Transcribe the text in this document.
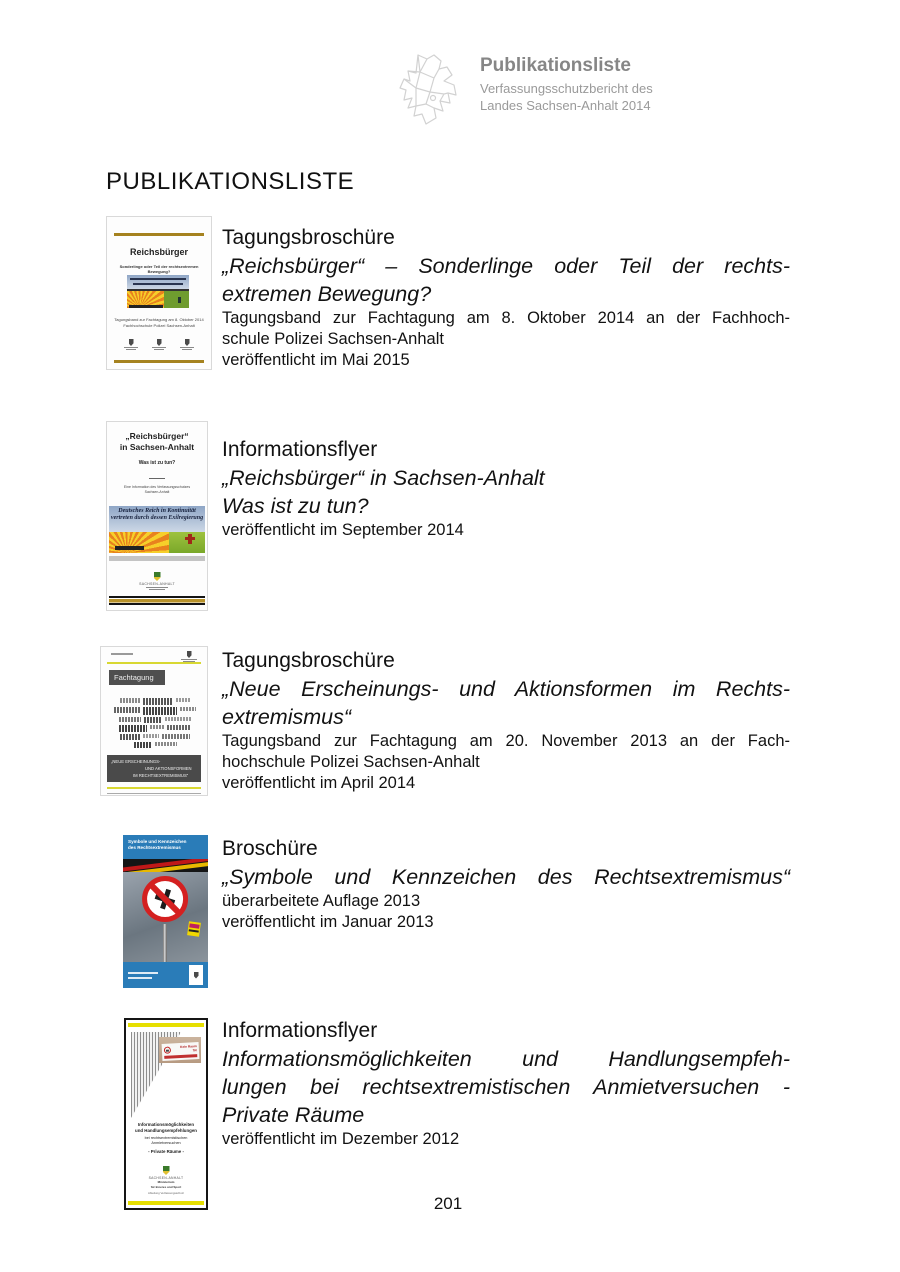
Publikationsliste
Verfassungsschutzbericht des
Landes Sachsen-Anhalt 2014
PUBLIKATIONSLISTE
Reichsbürger
Sonderlinge oder Teil der rechtsextremen Bewegung?
Tagungsband zur Fachtagung am 8. Oktober 2014
Fachhochschule Polizei Sachsen-Anhalt
Tagungsbroschüre
„Reichsbürger“ – Sonderlinge oder Teil der rechts-
extremen Bewegung?
Tagungsband zur Fachtagung am 8. Oktober 2014 an der Fachhoch-
schule Polizei Sachsen-Anhalt
veröffentlicht im Mai 2015
„Reichsbürger“
in Sachsen-Anhalt
Was ist zu tun?
Eine Information des Verfassungsschutzes
Sachsen-Anhalt
Deutsches Reich in Kontinuität
vertreten durch dessen Exilregierung
SACHSEN-ANHALT
Informationsflyer
„Reichsbürger“ in Sachsen-Anhalt
Was ist zu tun?
veröffentlicht im September 2014
Fachtagung
„NEUE ERSCHEINUNGS-
UND AKTIONSFORMEN
IM RECHTSEXTREMISMUS“
Tagungsbroschüre
„Neue Erscheinungs- und Aktionsformen im Rechts-
extremismus“
Tagungsband zur Fachtagung am 20. November 2013 an der Fach-
hochschule Polizei Sachsen-Anhalt
veröffentlicht im April 2014
Symbole und Kennzeichen
des Rechtsextremismus	Broschüre
„Symbole und Kennzeichen des Rechtsextremismus“
überarbeitete Auflage 2013
veröffentlicht im Januar 2013
Kein Raum
für
Informationsmöglichkeiten
und Handlungsempfehlungen
bei rechtsextremistischen
Anmietversuchen
- Private Räume -
SACHSEN-ANHALT
Ministerium
für Inneres und Sport
Abteilung Verfassungsschutz
Informationsflyer
Informationsmöglichkeiten und Handlungsempfeh-
lungen bei rechtsextremistischen Anmietversuchen -
Private Räume
veröffentlicht im Dezember 2012
201
